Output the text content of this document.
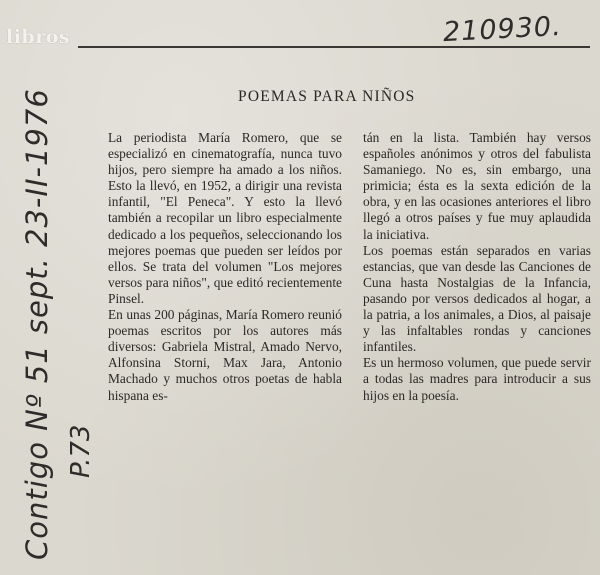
libros	210930.
POEMAS PARA NIÑOS

La periodista María Romero, que se especializó en cinematografía, nunca tuvo hijos, pero siempre ha amado a los niños. Esto la llevó, en 1952, a dirigir una revista infantil, "El Peneca". Y esto la llevó también a recopilar un libro especialmente dedicado a los pequeños, seleccionando los mejores poemas que pueden ser leídos por ellos. Se trata del volumen "Los mejores versos para niños", que editó recientemente Pinsel.

En unas 200 páginas, María Romero reunió poemas escritos por los autores más diversos: Gabriela Mistral, Amado Nervo, Alfonsina Storni, Max Jara, Antonio Machado y muchos otros poetas de habla hispana es-

tán en la lista. También hay versos españoles anónimos y otros del fabulista Samaniego. No es, sin embargo, una primicia; ésta es la sexta edición de la obra, y en las ocasiones anteriores el libro llegó a otros países y fue muy aplaudida la iniciativa.

Los poemas están separados en varias estancias, que van desde las Canciones de Cuna hasta Nostalgias de la Infancia, pasando por versos dedicados al hogar, a la patria, a los animales, a Dios, al paisaje y las infaltables rondas y canciones infantiles.

Es un hermoso volumen, que puede servir a todas las madres para introducir a sus hijos en la poesía.

Contigo Nº 51 sept. 23-II-1976 P.73
